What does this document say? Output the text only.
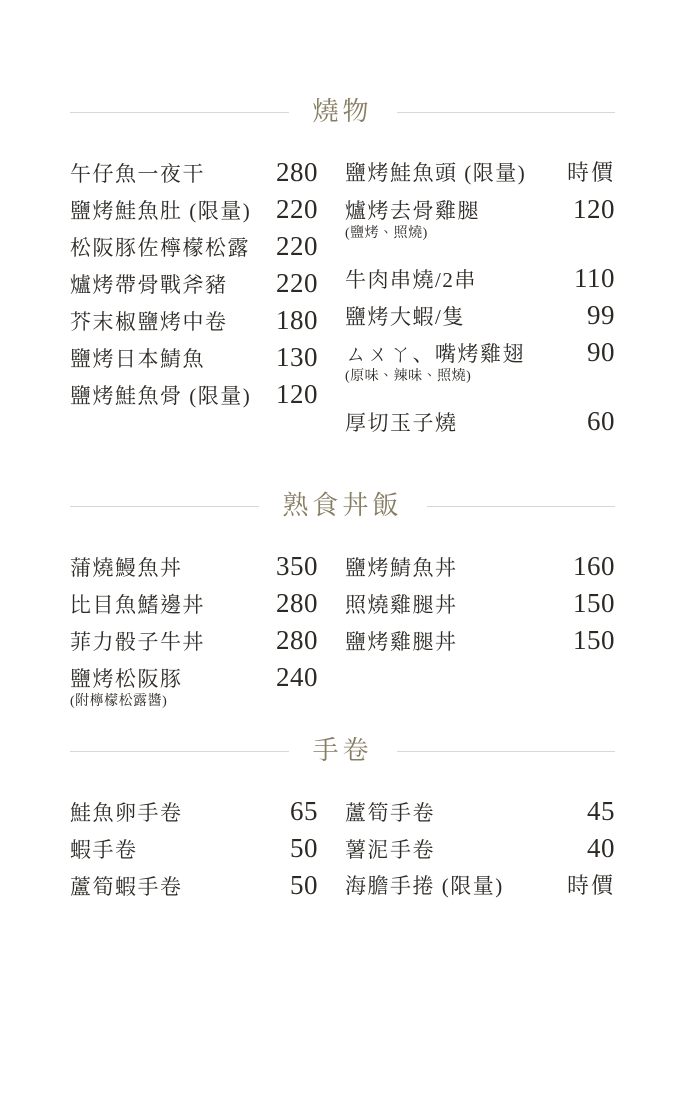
燒物
午仔魚一夜干	280
鹽烤鮭魚肚 (限量) 220
松阪豚佐檸檬松露 220
爐烤帶骨戰斧豬 220
芥末椒鹽烤中卷 180
鹽烤日本鯖魚	130
鹽烤鮭魚骨 (限量) 120
鹽烤鮭魚頭 (限量) 時價
爐烤去骨雞腿	120
(鹽烤、照燒)
牛肉串燒/2串	110
鹽烤大蝦/隻	99
ㄙㄨㄚ、嘴烤雞翅 90
(原味、辣味、照燒)
厚切玉子燒	60
熟食丼飯
蒲燒鰻魚丼	350
比目魚鰭邊丼	280
菲力骰子牛丼	280
鹽烤松阪豚	240
(附檸檬松露醬)
鹽烤鯖魚丼	160
照燒雞腿丼	150
鹽烤雞腿丼	150
手卷
鮭魚卵手卷	65
蝦手卷	50
蘆筍蝦手卷	50
蘆筍手卷	45
薯泥手卷	40
海膽手捲 (限量)	時價
